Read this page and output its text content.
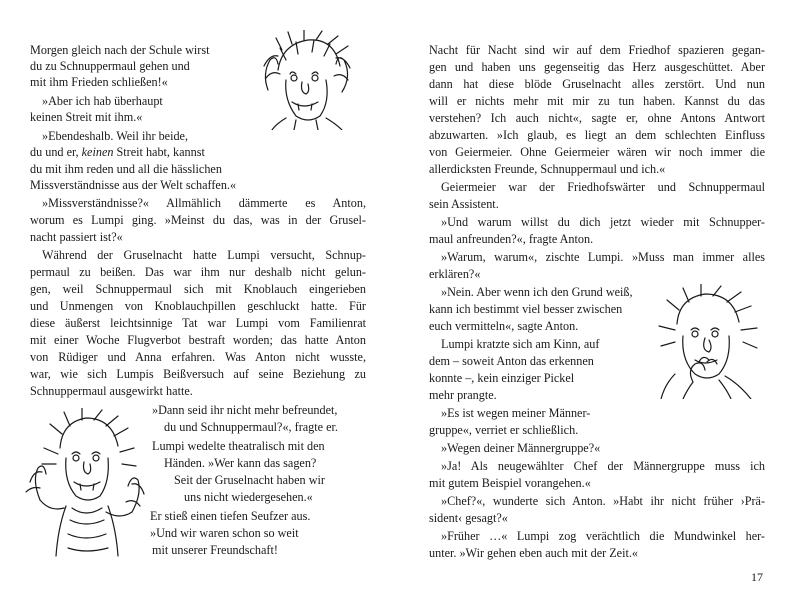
Morgen gleich nach der Schule wirst

du zu Schnuppermaul gehen und

mit ihm Frieden schließen!«

»Aber ich hab überhaupt

keinen Streit mit ihm.«

»Ebendeshalb. Weil ihr beide,

du und er, keinen Streit habt, kannst

du mit ihm reden und all die hässlichen

Missverständnisse aus der Welt schaffen.«

»Missverständnisse?« Allmählich dämmerte es Anton,

worum es Lumpi ging. »Meinst du das, was in der Grusel-

nacht passiert ist?«

Während der Gruselnacht hatte Lumpi versucht, Schnup-

permaul zu beißen. Das war ihm nur deshalb nicht gelun-

gen, weil Schnuppermaul sich mit Knoblauch eingerieben

und Unmengen von Knoblauchpillen geschluckt hatte. Für

diese äußerst leichtsinnige Tat war Lumpi vom Familienrat

mit einer Woche Flugverbot bestraft worden; das hatte Anton

von Rüdiger und Anna erfahren. Was Anton nicht wusste,

war, wie sich Lumpis Beißversuch auf seine Beziehung zu

Schnuppermaul ausgewirkt hatte.

»Dann seid ihr nicht mehr befreundet,

du und Schnuppermaul?«, fragte er.

Lumpi wedelte theatralisch mit den

Händen. »Wer kann das sagen?

Seit der Gruselnacht haben wir

uns nicht wiedergesehen.«

Er stieß einen tiefen Seufzer aus.

»Und wir waren schon so weit

mit unserer Freundschaft!

Nacht für Nacht sind wir auf dem Friedhof spazieren gegan-

gen und haben uns gegenseitig das Herz ausgeschüttet. Aber

dann hat diese blöde Gruselnacht alles zerstört. Und nun

will er nichts mehr mit mir zu tun haben. Kannst du das

verstehen? Ich auch nicht«, sagte er, ohne Antons Antwort

abzuwarten. »Ich glaub, es liegt an dem schlechten Einfluss

von Geiermeier. Ohne Geiermeier wären wir noch immer die

allerdicksten Freunde, Schnuppermaul und ich.«

Geiermeier war der Friedhofswärter und Schnuppermaul

sein Assistent.

»Und warum willst du dich jetzt wieder mit Schnupper-

maul anfreunden?«, fragte Anton.

»Warum, warum«, zischte Lumpi. »Muss man immer alles

erklären?«

»Nein. Aber wenn ich den Grund weiß,

kann ich bestimmt viel besser zwischen

euch vermitteln«, sagte Anton.

Lumpi kratzte sich am Kinn, auf

dem – soweit Anton das erkennen

konnte –, kein einziger Pickel

mehr prangte.

»Es ist wegen meiner Männer-

gruppe«, verriet er schließlich.

»Wegen deiner Männergruppe?«

»Ja! Als neugewählter Chef der Männergruppe muss ich

mit gutem Beispiel vorangehen.«

»Chef?«, wunderte sich Anton. »Habt ihr nicht früher ›Prä-

sident‹ gesagt?«

»Früher …« Lumpi zog verächtlich die Mundwinkel her-

unter. »Wir gehen eben auch mit der Zeit.«

17
